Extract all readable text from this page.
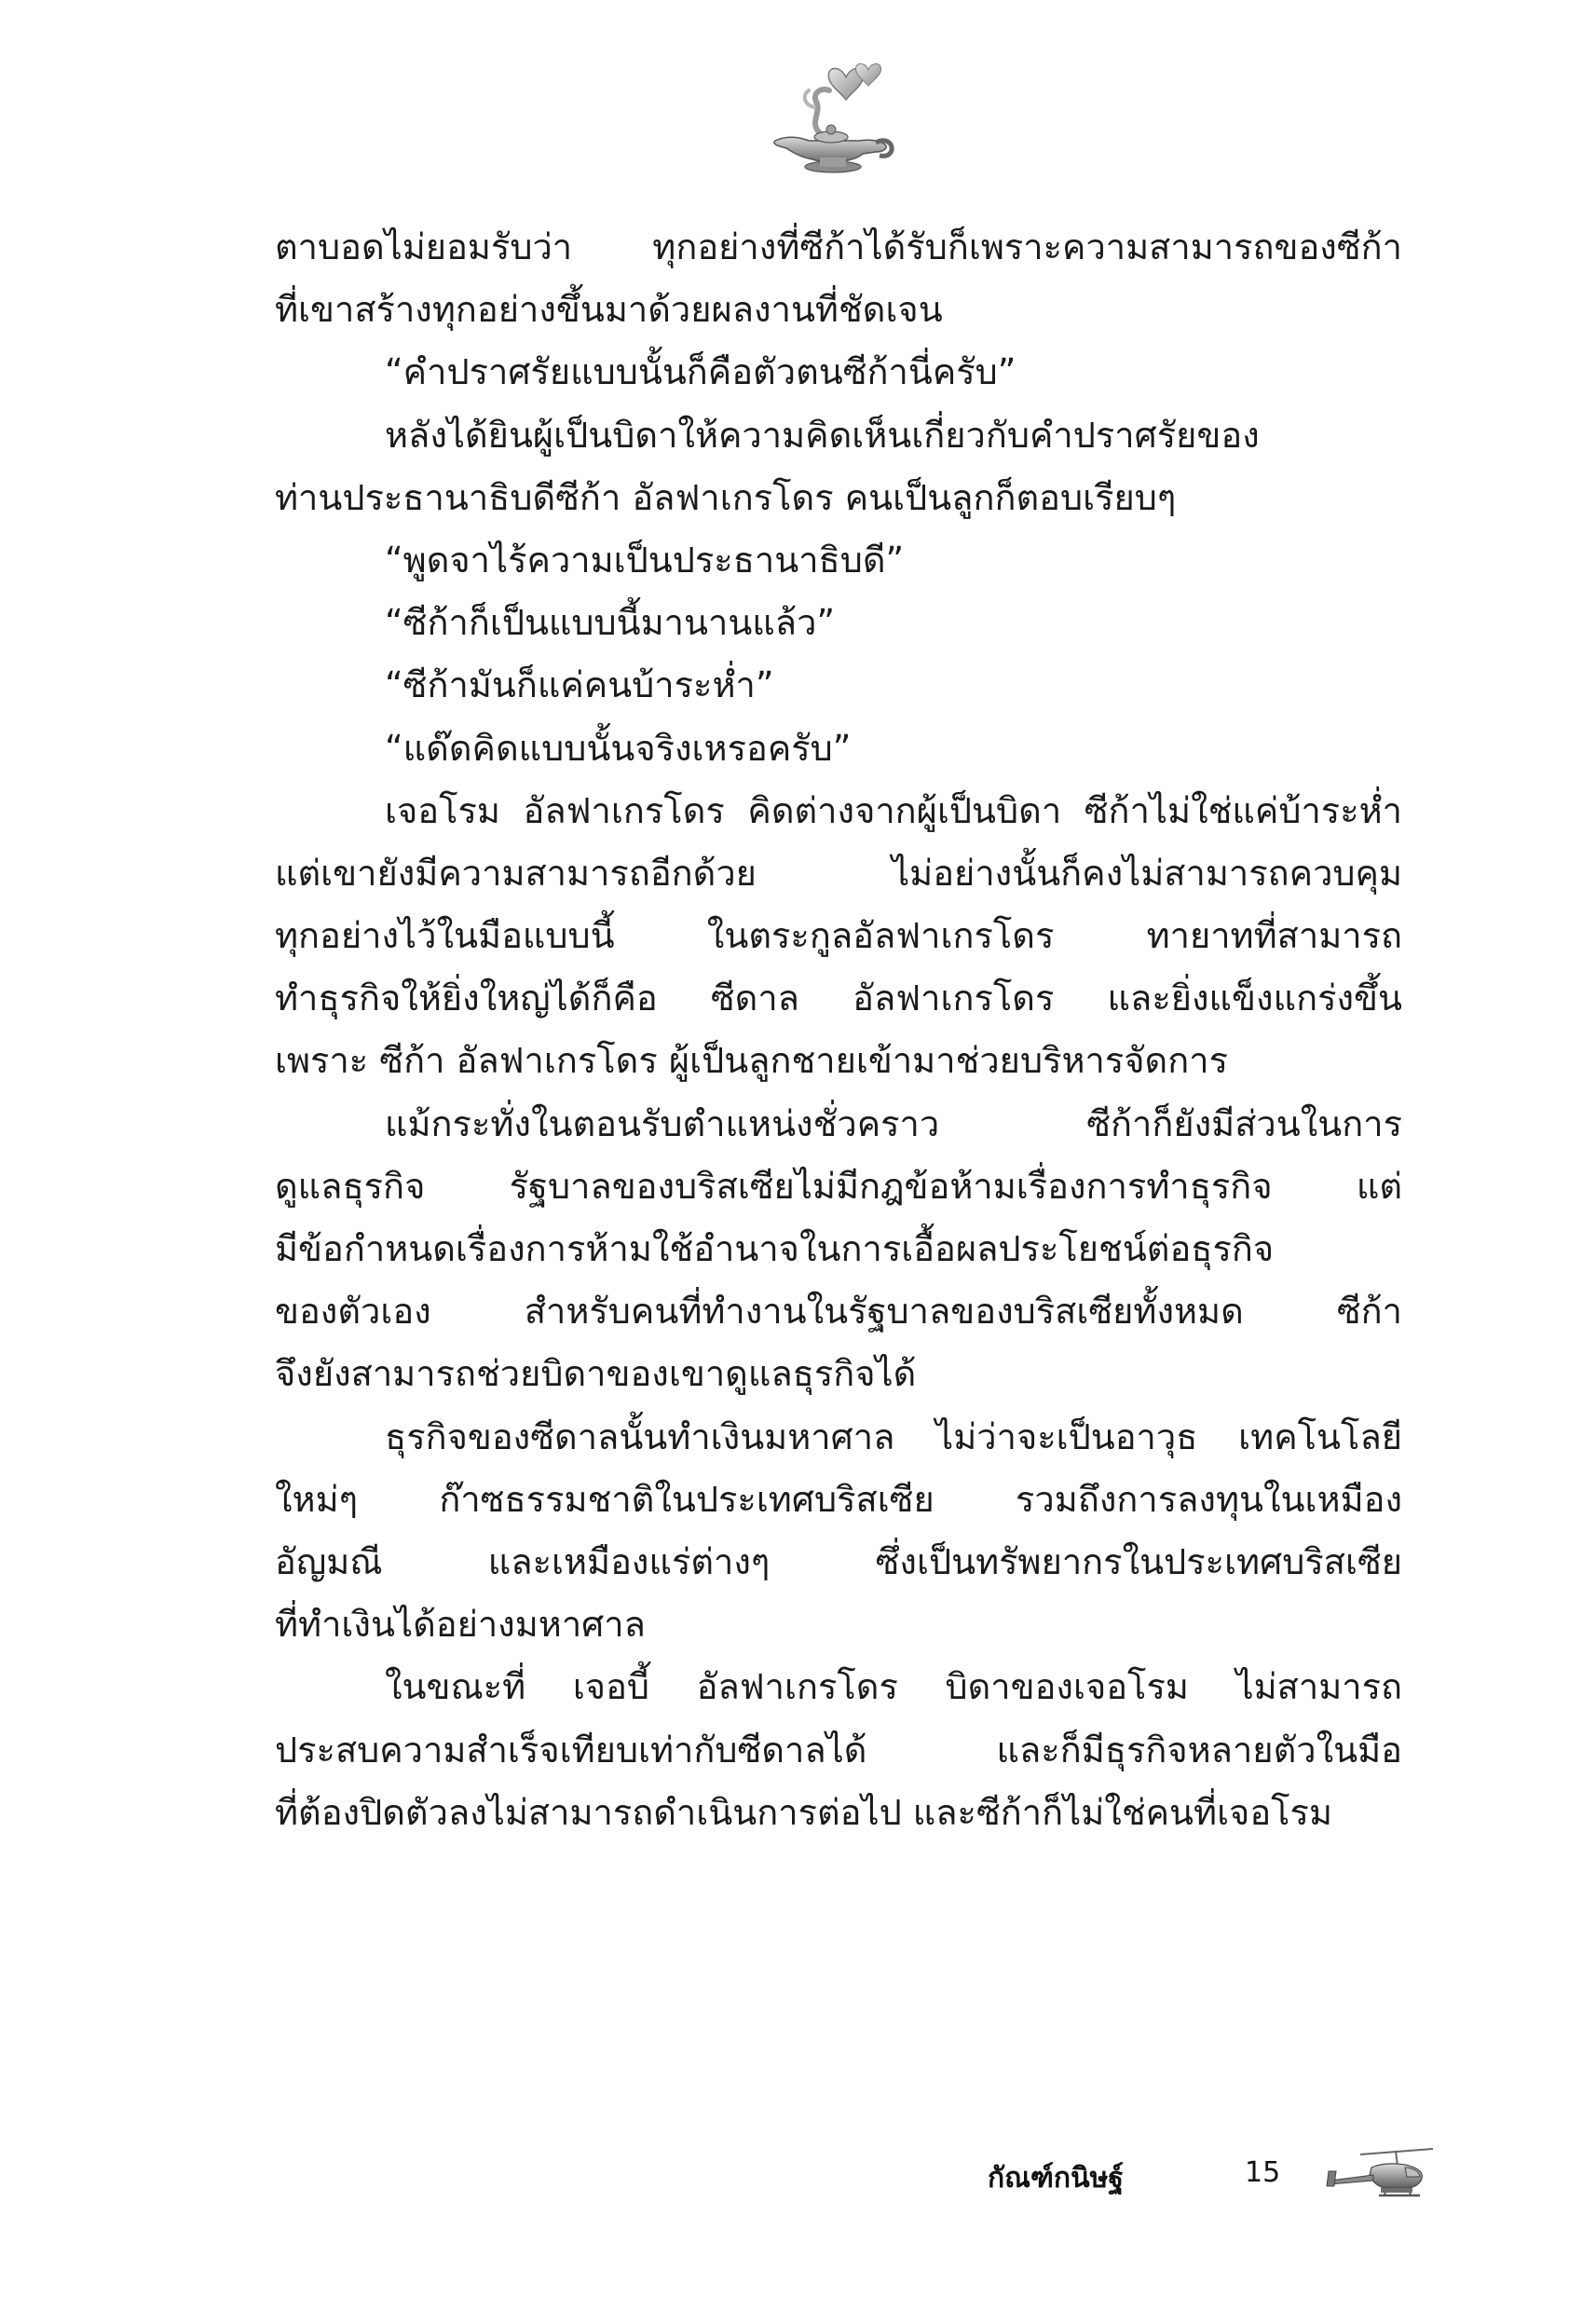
ตาบอดไม่ยอมรับว่า ทุกอย่างที่ซีก้าได้รับก็เพราะความสามารถของซีก้า
ที่เขาสร้างทุกอย่างขึ้นมาด้วยผลงานที่ชัดเจน
“คำปราศรัยแบบนั้นก็คือตัวตนซีก้านี่ครับ”
หลังได้ยินผู้เป็นบิดาให้ความคิดเห็นเกี่ยวกับคำปราศรัยของ
ท่านประธานาธิบดีซีก้า อัลฟาเกรโดร คนเป็นลูกก็ตอบเรียบๆ
“พูดจาไร้ความเป็นประธานาธิบดี”
“ซีก้าก็เป็นแบบนี้มานานแล้ว”
“ซีก้ามันก็แค่คนบ้าระห่ำ”
“แด๊ดคิดแบบนั้นจริงเหรอครับ”
เจอโรม อัลฟาเกรโดร คิดต่างจากผู้เป็นบิดา ซีก้าไม่ใช่แค่บ้าระห่ำ
แต่เขายังมีความสามารถอีกด้วย ไม่อย่างนั้นก็คงไม่สามารถควบคุม
ทุกอย่างไว้ในมือแบบนี้ ในตระกูลอัลฟาเกรโดร ทายาทที่สามารถ
ทำธุรกิจให้ยิ่งใหญ่ได้ก็คือ ซีดาล อัลฟาเกรโดร และยิ่งแข็งแกร่งขึ้น
เพราะ ซีก้า อัลฟาเกรโดร ผู้เป็นลูกชายเข้ามาช่วยบริหารจัดการ
แม้กระทั่งในตอนรับตำแหน่งชั่วคราว ซีก้าก็ยังมีส่วนในการ
ดูแลธุรกิจ รัฐบาลของบริสเซียไม่มีกฎข้อห้ามเรื่องการทำธุรกิจ แต่
มีข้อกำหนดเรื่องการห้ามใช้อำนาจในการเอื้อผลประโยชน์ต่อธุรกิจ
ของตัวเอง สำหรับคนที่ทำงานในรัฐบาลของบริสเซียทั้งหมด ซีก้า
จึงยังสามารถช่วยบิดาของเขาดูแลธุรกิจได้
ธุรกิจของซีดาลนั้นทำเงินมหาศาล ไม่ว่าจะเป็นอาวุธ เทคโนโลยี
ใหม่ๆ ก๊าซธรรมชาติในประเทศบริสเซีย รวมถึงการลงทุนในเหมือง
อัญมณี และเหมืองแร่ต่างๆ ซึ่งเป็นทรัพยากรในประเทศบริสเซีย
ที่ทำเงินได้อย่างมหาศาล
ในขณะที่ เจอบี้ อัลฟาเกรโดร บิดาของเจอโรม ไม่สามารถ
ประสบความสำเร็จเทียบเท่ากับซีดาลได้ และก็มีธุรกิจหลายตัวในมือ
ที่ต้องปิดตัวลงไม่สามารถดำเนินการต่อไป และซีก้าก็ไม่ใช่คนที่เจอโรม
กัณฑ์กนิษฐ์	15
